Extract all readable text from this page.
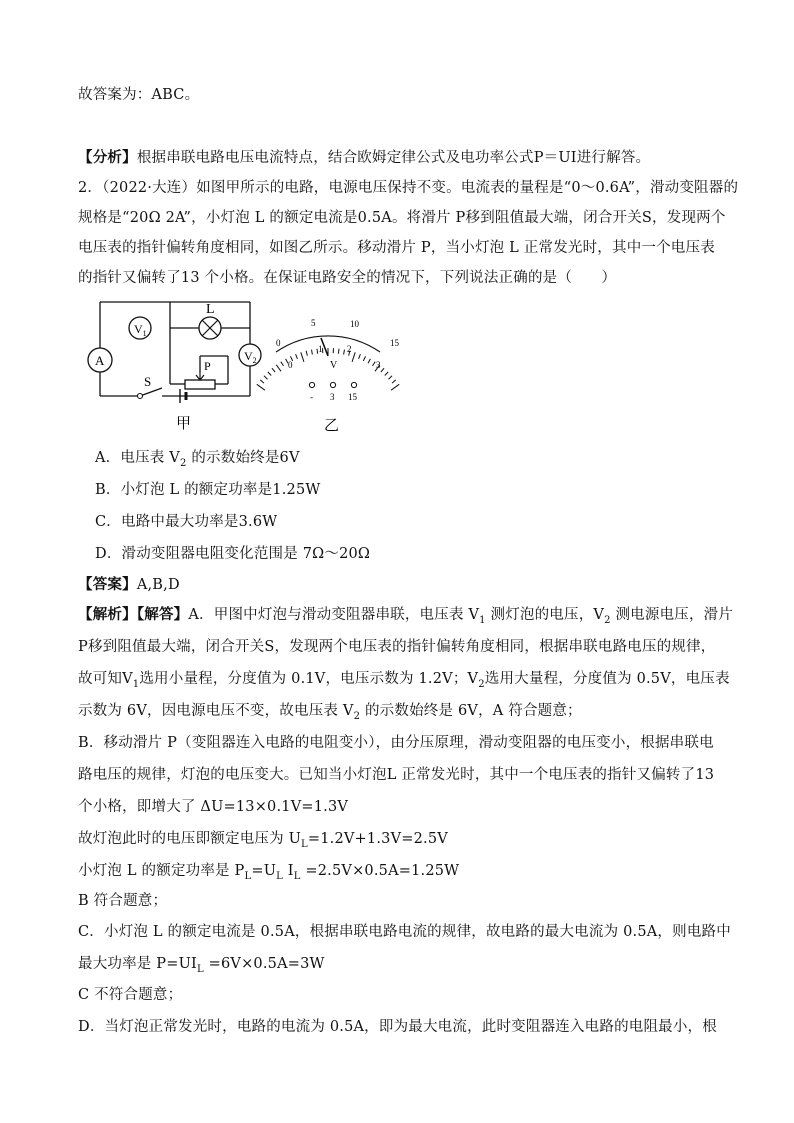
故答案为：ABC。
【分析】根据串联电路电压电流特点，结合欧姆定律公式及电功率公式P＝UI进行解答。
2．（2022·大连）如图甲所示的电路，电源电压保持不变。电流表的量程是“0～0.6A”，滑动变阻器的
规格是“20Ω 2A”，小灯泡 L 的额定电流是0.5A。将滑片 P移到阻值最大端，闭合开关S，发现两个
电压表的指针偏转角度相同，如图乙所示。移动滑片 P，当小灯泡 L 正常发光时，其中一个电压表
的指针又偏转了13 个小格。在保证电路安全的情况下，下列说法正确的是（　　）
L
$V_1$
$V_2$
A	P
S
甲
0
5	10
15
0
1	2
3
V
- 3 15
乙
A．电压表 $V_2$ 的示数始终是6V
B．小灯泡 L 的额定功率是1.25W
C．电路中最大功率是3.6W
D．滑动变阻器电阻变化范围是 7Ω～20Ω
【答案】A,B,D
【解析】【解答】A．甲图中灯泡与滑动变阻器串联，电压表 $V_1$ 测灯泡的电压，$V_2$ 测电源电压，滑片
P移到阻值最大端，闭合开关S，发现两个电压表的指针偏转角度相同，根据串联电路电压的规律，
故可知$V_1$选用小量程，分度值为 0.1V，电压示数为 1.2V；$V_2$选用大量程，分度值为 0.5V，电压表
示数为 6V，因电源电压不变，故电压表 $V_2$ 的示数始终是 6V，A 符合题意；
B．移动滑片 P（变阻器连入电路的电阻变小），由分压原理，滑动变阻器的电压变小，根据串联电
路电压的规律，灯泡的电压变大。已知当小灯泡L 正常发光时，其中一个电压表的指针又偏转了13
个小格，即增大了 ΔU=13×0.1V=1.3V
故灯泡此时的电压即额定电压为 $U_L=1.2V+1.3V=2.5V$
小灯泡 L 的额定功率是 $P_L=U_L$ $I_L =2.5V\times 0.5A=1.25W$
B 符合题意；
C．小灯泡 L 的额定电流是 0.5A，根据串联电路电流的规律，故电路的最大电流为 0.5A，则电路中
最大功率是 $P=UI_L =6V\times 0.5A=3W$
C 不符合题意；
D．当灯泡正常发光时，电路的电流为 0.5A，即为最大电流，此时变阻器连入电路的电阻最小，根
